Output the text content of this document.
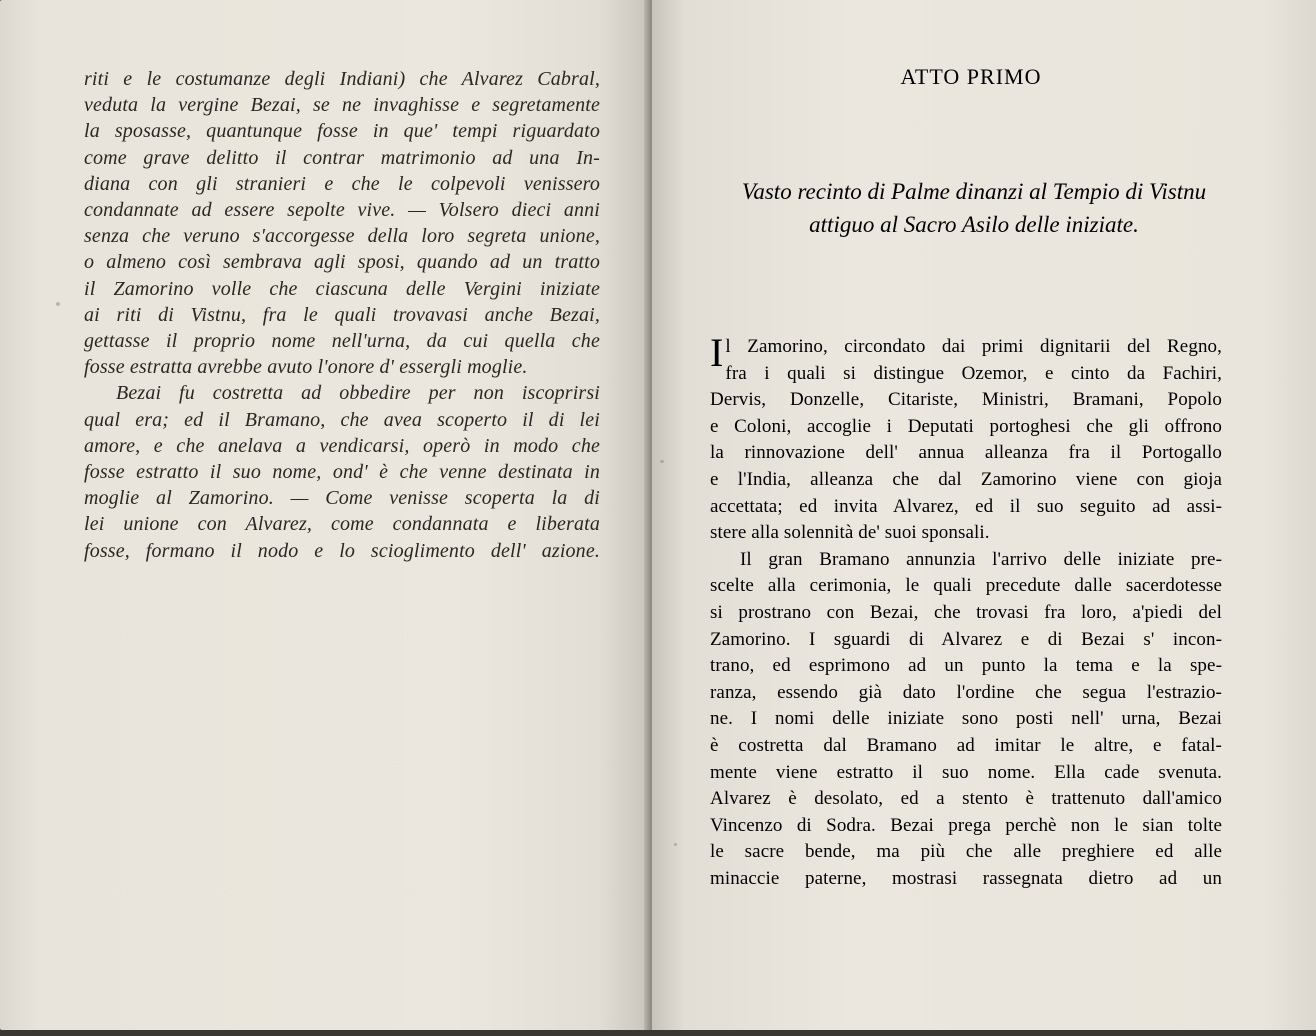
riti e le costumanze degli Indiani) che Alvarez Cabral,
veduta la vergine Bezai, se ne invaghisse e segretamente
la sposasse, quantunque fosse in que' tempi riguardato
come grave delitto il contrar matrimonio ad una In-
diana con gli stranieri e che le colpevoli venissero
condannate ad essere sepolte vive. — Volsero dieci anni
senza che veruno s'accorgesse della loro segreta unione,
o almeno così sembrava agli sposi, quando ad un tratto
il Zamorino volle che ciascuna delle Vergini iniziate
ai riti di Vistnu, fra le quali trovavasi anche Bezai,
gettasse il proprio nome nell'urna, da cui quella che
fosse estratta avrebbe avuto l'onore d' essergli moglie.
Bezai fu costretta ad obbedire per non iscoprirsi
qual era; ed il Bramano, che avea scoperto il di lei
amore, e che anelava a vendicarsi, operò in modo che
fosse estratto il suo nome, ond' è che venne destinata in
moglie al Zamorino. — Come venisse scoperta la di
lei unione con Alvarez, come condannata e liberata
fosse, formano il nodo e lo scioglimento dell' azione.
ATTO PRIMO
Vasto recinto di Palme dinanzi al Tempio di Vistnu
attiguo al Sacro Asilo delle iniziate.
I l Zamorino, circondato dai primi dignitarii del Regno,
fra i quali si distingue Ozemor, e cinto da Fachiri,
Dervis, Donzelle, Citariste, Ministri, Bramani, Popolo
e Coloni, accoglie i Deputati portoghesi che gli offrono
la rinnovazione dell' annua alleanza fra il Portogallo
e l'India, alleanza che dal Zamorino viene con gioja
accettata; ed invita Alvarez, ed il suo seguito ad assi-
stere alla solennità de' suoi sponsali.
Il gran Bramano annunzia l'arrivo delle iniziate pre-
scelte alla cerimonia, le quali precedute dalle sacerdotesse
si prostrano con Bezai, che trovasi fra loro, a'piedi del
Zamorino. I sguardi di Alvarez e di Bezai s' incon-
trano, ed esprimono ad un punto la tema e la spe-
ranza, essendo già dato l'ordine che segua l'estrazio-
ne. I nomi delle iniziate sono posti nell' urna, Bezai
è costretta dal Bramano ad imitar le altre, e fatal-
mente viene estratto il suo nome. Ella cade svenuta.
Alvarez è desolato, ed a stento è trattenuto dall'amico
Vincenzo di Sodra. Bezai prega perchè non le sian tolte
le sacre bende, ma più che alle preghiere ed alle
minaccie paterne, mostrasi rassegnata dietro ad un
